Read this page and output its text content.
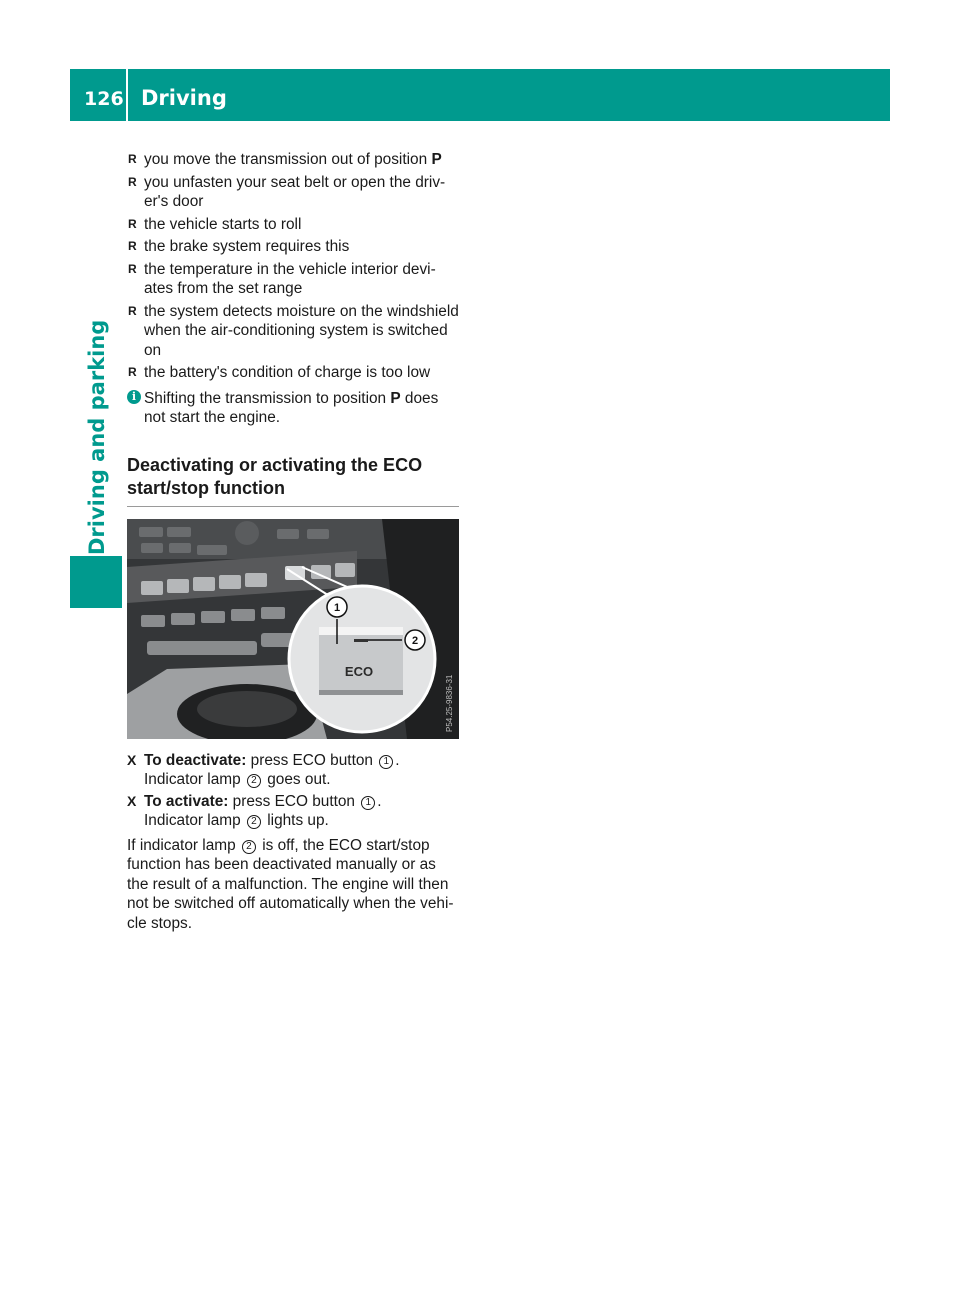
126 Driving
Driving and parking
R you move the transmission out of position P
R you unfasten your seat belt or open the driver's door
R the vehicle starts to roll
R the brake system requires this
R the temperature in the vehicle interior deviates from the set range
R the system detects moisture on the windshield when the air-conditioning system is switched on
R the battery's condition of charge is too low
i Shifting the transmission to position P does not start the engine.
Deactivating or activating the ECO start/stop function
1
2
ECO
P54.25-9836-31
X To deactivate: press ECO button 1 .
Indicator lamp 2 goes out.
X To activate: press ECO button 1 .
Indicator lamp 2 lights up.

If indicator lamp 2 is off, the ECO start/stop function has been deactivated manually or as the result of a malfunction. The engine will then not be switched off automatically when the vehicle stops.
